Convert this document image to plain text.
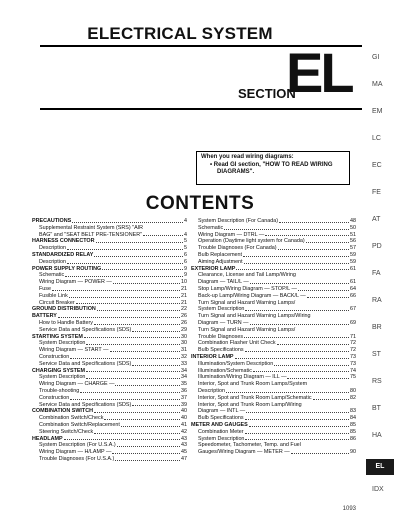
ELECTRICAL SYSTEM
SECTION
EL
When you read wiring diagrams:
• Read GI section, "HOW TO READ WIRING
DIAGRAMS".
CONTENTS
PRECAUTIONS	4
Supplemental Restraint System (SRS) "AIR
BAG" and "SEAT BELT PRE-TENSIONER"	4
HARNESS CONNECTOR	5
Description	5
STANDARDIZED RELAY	6
Description	6
POWER SUPPLY ROUTING	9
Schematic	9
Wiring Diagram — POWER —	10
Fuse	21
Fusible Link	21
Circuit Breaker	21
GROUND DISTRIBUTION	22
BATTERY	26
How to Handle Battery	26
Service Data and Specifications (SDS)	29
STARTING SYSTEM	30
System Description	30
Wiring Diagram — START —	31
Construction	32
Service Data and Specifications (SDS)	33
CHARGING SYSTEM	34
System Description	34
Wiring Diagram — CHARGE —	35
Trouble-shooting	36
Construction	37
Service Data and Specifications (SDS)	39
COMBINATION SWITCH	40
Combination Switch/Check	40
Combination Switch/Replacement	41
Steering Switch/Check	42
HEADLAMP	43
System Description (For U.S.A.)	43
Wiring Diagram — H/LAMP —	45
Trouble Diagnoses (For U.S.A.)	47
System Description (For Canada)	48
Schematic	50
Wiring Diagram — DTRL —	51
Operation (Daytime light system for Canada)	56
Trouble Diagnoses (For Canada)	57
Bulb Replacement	59
Aiming Adjustment	59
EXTERIOR LAMP	61
Clearance, License and Tail Lamp/Wiring
Diagram — TAIL/L —	61
Stop Lamp/Wiring Diagram — STOP/L —	64
Back-up Lamp/Wiring Diagram — BACK/L —	66
Turn Signal and Hazard Warning Lamps/
System Description	67
Turn Signal and Hazard Warning Lamps/Wiring
Diagram — TURN —	69
Turn Signal and Hazard Warning Lamps/
Trouble Diagnoses	71
Combination Flasher Unit Check	72
Bulb Specifications	72
INTERIOR LAMP	73
Illumination/System Description	73
Illumination/Schematic	74
Illumination/Wiring Diagram — ILL —	75
Interior, Spot and Trunk Room Lamps/System
Description	80
Interior, Spot and Trunk Room Lamp/Schematic	82
Interior, Spot and Trunk Room Lamp/Wiring
Diagram — INTL —	83
Bulb Specifications	84
METER AND GAUGES	85
Combination Meter	85
System Description	86
Speedometer, Tachometer, Temp. and Fuel
Gauges/Wiring Diagram — METER —	90
GI
MA
EM
LC
EC
FE
AT
PD
FA
RA
BR
ST
RS
BT
HA
EL
IDX
1093
